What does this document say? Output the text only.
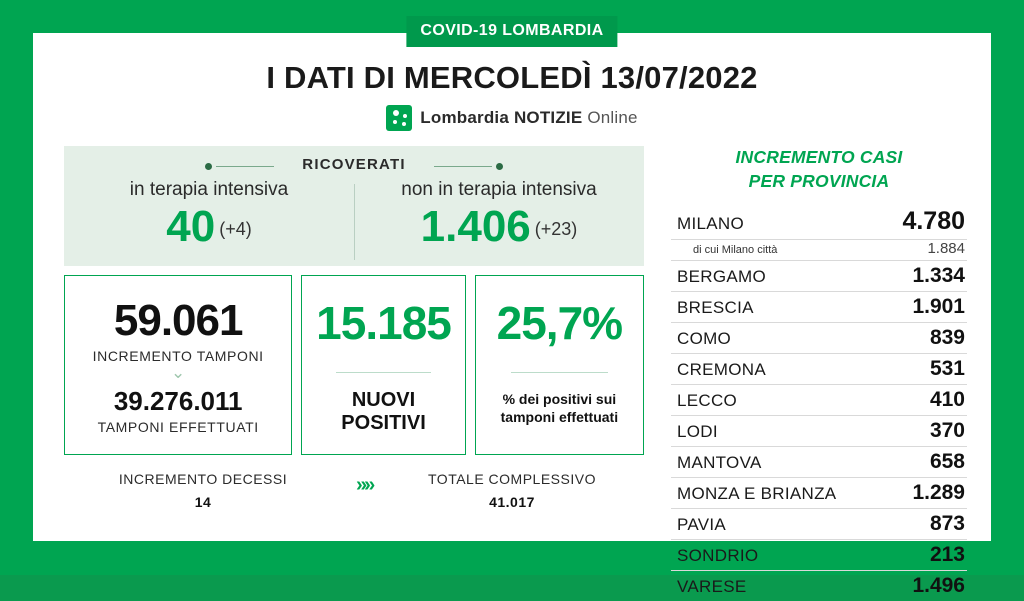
COVID-19 LOMBARDIA
I DATI DI MERCOLEDÌ 13/07/2022
Lombardia NOTIZIE Online
RICOVERATI
in terapia intensiva
40 (+4)
non in terapia intensiva
1.406 (+23)
59.061
INCREMENTO TAMPONI
⌄
39.276.011
TAMPONI EFFETTUATI
15.185
NUOVI
POSITIVI
25,7%
% dei positivi sui
tamponi effettuati
INCREMENTO DECESSI
14
»»	TOTALE COMPLESSIVO
41.017
INCREMENTO CASI
PER PROVINCIA
MILANO	4.780
di cui Milano città	1.884
BERGAMO	1.334
BRESCIA	1.901
COMO	839
CREMONA	531
LECCO	410
LODI	370
MANTOVA	658
MONZA E BRIANZA	1.289
PAVIA	873
SONDRIO	213
VARESE	1.496
